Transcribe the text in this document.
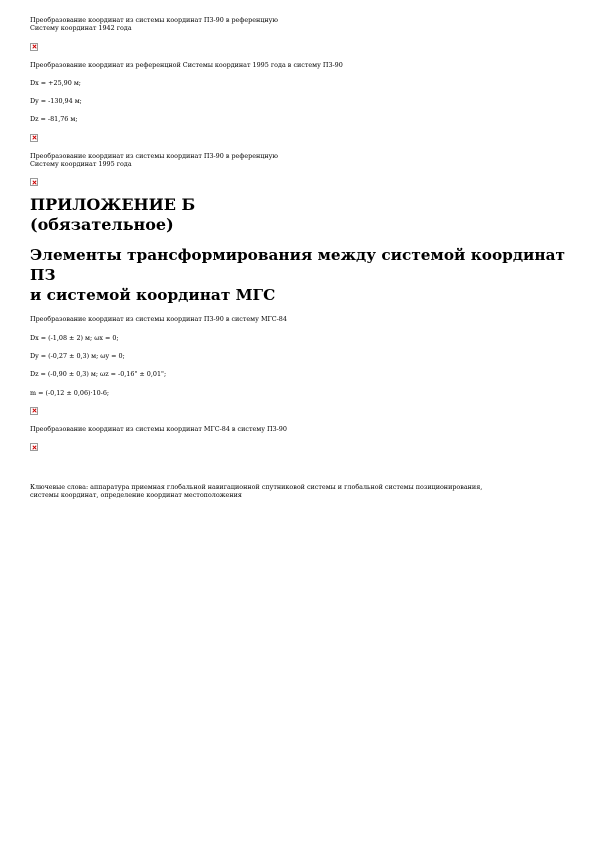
Преобразование координат из системы координат ПЗ-90 в референцную

Систему координат 1942 года

Преобразование координат из референцной Системы координат 1995 года в систему ПЗ-90

Dx = +25,90 м;

Dy = -130,94 м;

Dz = -81,76 м;

Преобразование координат из системы координат ПЗ-90 в референцную

Систему координат 1995 года

ПРИЛОЖЕНИЕ Б

(обязательное)

Элементы трансформирования между системой координат ПЗ

и системой координат МГС

Преобразование координат из системы координат ПЗ-90 в систему МГС-84

Dx = (-1,08 ± 2) м; ωx = 0;

Dy = (-0,27 ± 0,3) м; ωy = 0;

Dz = (-0,90 ± 0,3) м; ωz = -0,16" ± 0,01";

m = (-0,12 ± 0,06)·10-6;

Преобразование координат из системы координат МГС-84 в систему ПЗ-90

Ключевые слова: аппаратура приемная глобальной навигационной спутниковой системы и глобальной системы позиционирования,

системы координат, определение координат местоположения
